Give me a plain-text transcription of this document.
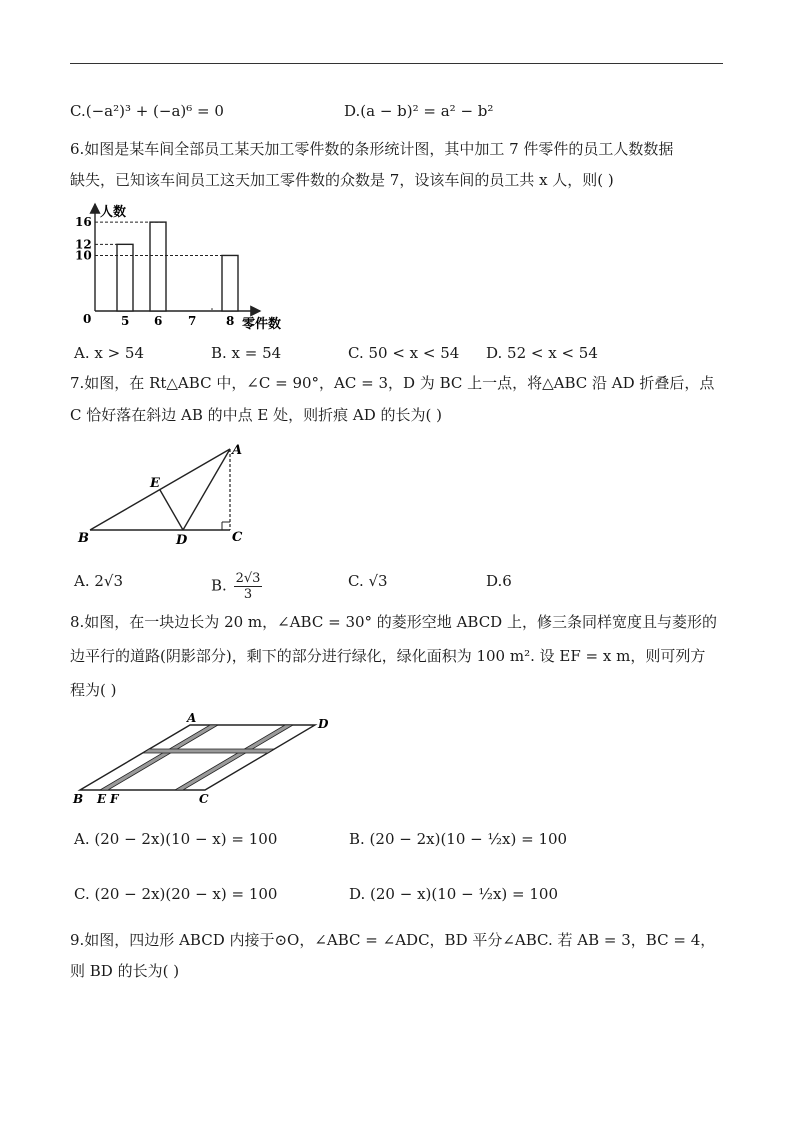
C.(−a²)³ + (−a)⁶ = 0	D.(a − b)² = a² − b²
6.如图是某车间全部员工某天加工零件数的条形统计图，其中加工 7 件零件的员工人数数据
缺失，已知该车间员工这天加工零件数的众数是 7，设该车间的员工共 x 人，则( )
人数
零件数
0 5 6 7 8
16
12
10
A. x > 54	B. x = 54	C. 50 < x < 54 D. 52 < x < 54
7.如图，在 Rt△ABC 中，∠C = 90°，AC = 3，D 为 BC 上一点，将△ABC 沿 AD 折叠后，点
C 恰好落在斜边 AB 的中点 E 处，则折痕 AD 的长为( )
A
B	C
D
E
A. 2√3	B. $\frac{2√3}{3}$	C. √3	D.6
8.如图，在一块边长为 20 m，∠ABC = 30° 的菱形空地 ABCD 上，修三条同样宽度且与菱形的
边平行的道路(阴影部分)，剩下的部分进行绿化，绿化面积为 100 m². 设 EF = x m，则可列方
程为( )
A	D
B E F	C
A. (20 − 2x)(10 − x) = 100	B. (20 − 2x)(10 − ½x) = 100
C. (20 − 2x)(20 − x) = 100	D. (20 − x)(10 − ½x) = 100
9.如图，四边形 ABCD 内接于⊙O，∠ABC = ∠ADC，BD 平分∠ABC. 若 AB = 3，BC = 4，
则 BD 的长为( )
